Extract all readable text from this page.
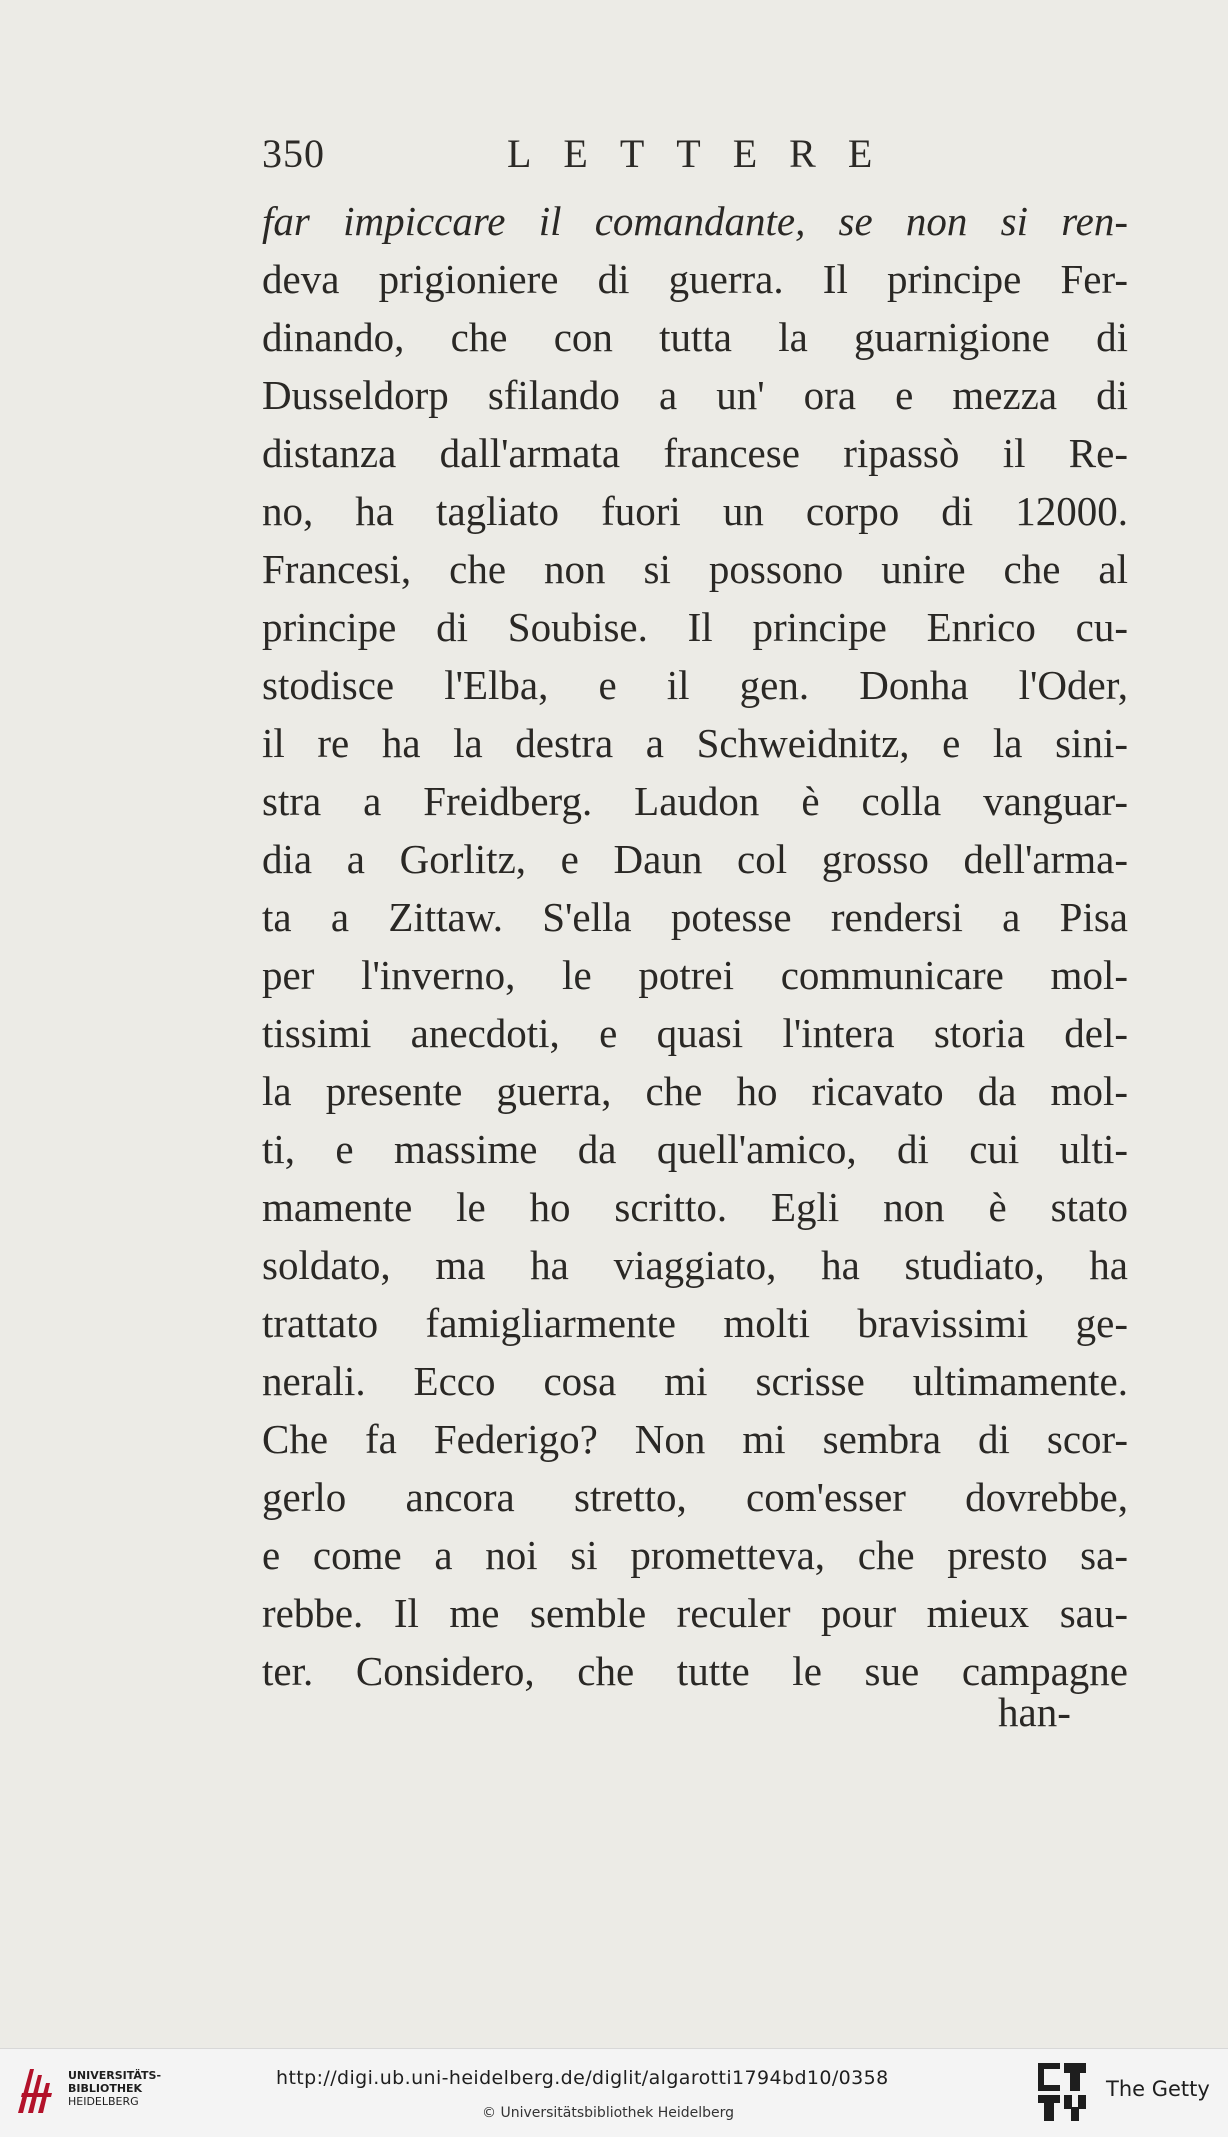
350	LETTERE
far impiccare il comandante, se non si ren-
deva prigioniere di guerra. Il principe Fer-
dinando, che con tutta la guarnigione di
Dusseldorp sfilando a un' ora e mezza di
distanza dall'armata francese ripassò il Re-
no, ha tagliato fuori un corpo di 12000.
Francesi, che non si possono unire che al
principe di Soubise. Il principe Enrico cu-
stodisce l'Elba, e il gen. Donha l'Oder,
il re ha la destra a Schweidnitz, e la sini-
stra a Freidberg. Laudon è colla vanguar-
dia a Gorlitz, e Daun col grosso dell'arma-
ta a Zittaw. S'ella potesse rendersi a Pisa
per l'inverno, le potrei communicare mol-
tissimi anecdoti, e quasi l'intera storia del-
la presente guerra, che ho ricavato da mol-
ti, e massime da quell'amico, di cui ulti-
mamente le ho scritto. Egli non è stato
soldato, ma ha viaggiato, ha studiato, ha
trattato famigliarmente molti bravissimi ge-
nerali. Ecco cosa mi scrisse ultimamente.
Che fa Federigo? Non mi sembra di scor-
gerlo ancora stretto, com'esser dovrebbe,
e come a noi si prometteva, che presto sa-
rebbe. Il me semble reculer pour mieux sau-
ter. Considero, che tutte le sue campagne
han-
UNIVERSITÄTS-
BIBLIOTHEK
HEIDELBERG
http://digi.ub.uni-heidelberg.de/diglit/algarotti1794bd10/0358
© Universitätsbibliothek Heidelberg
The Getty
